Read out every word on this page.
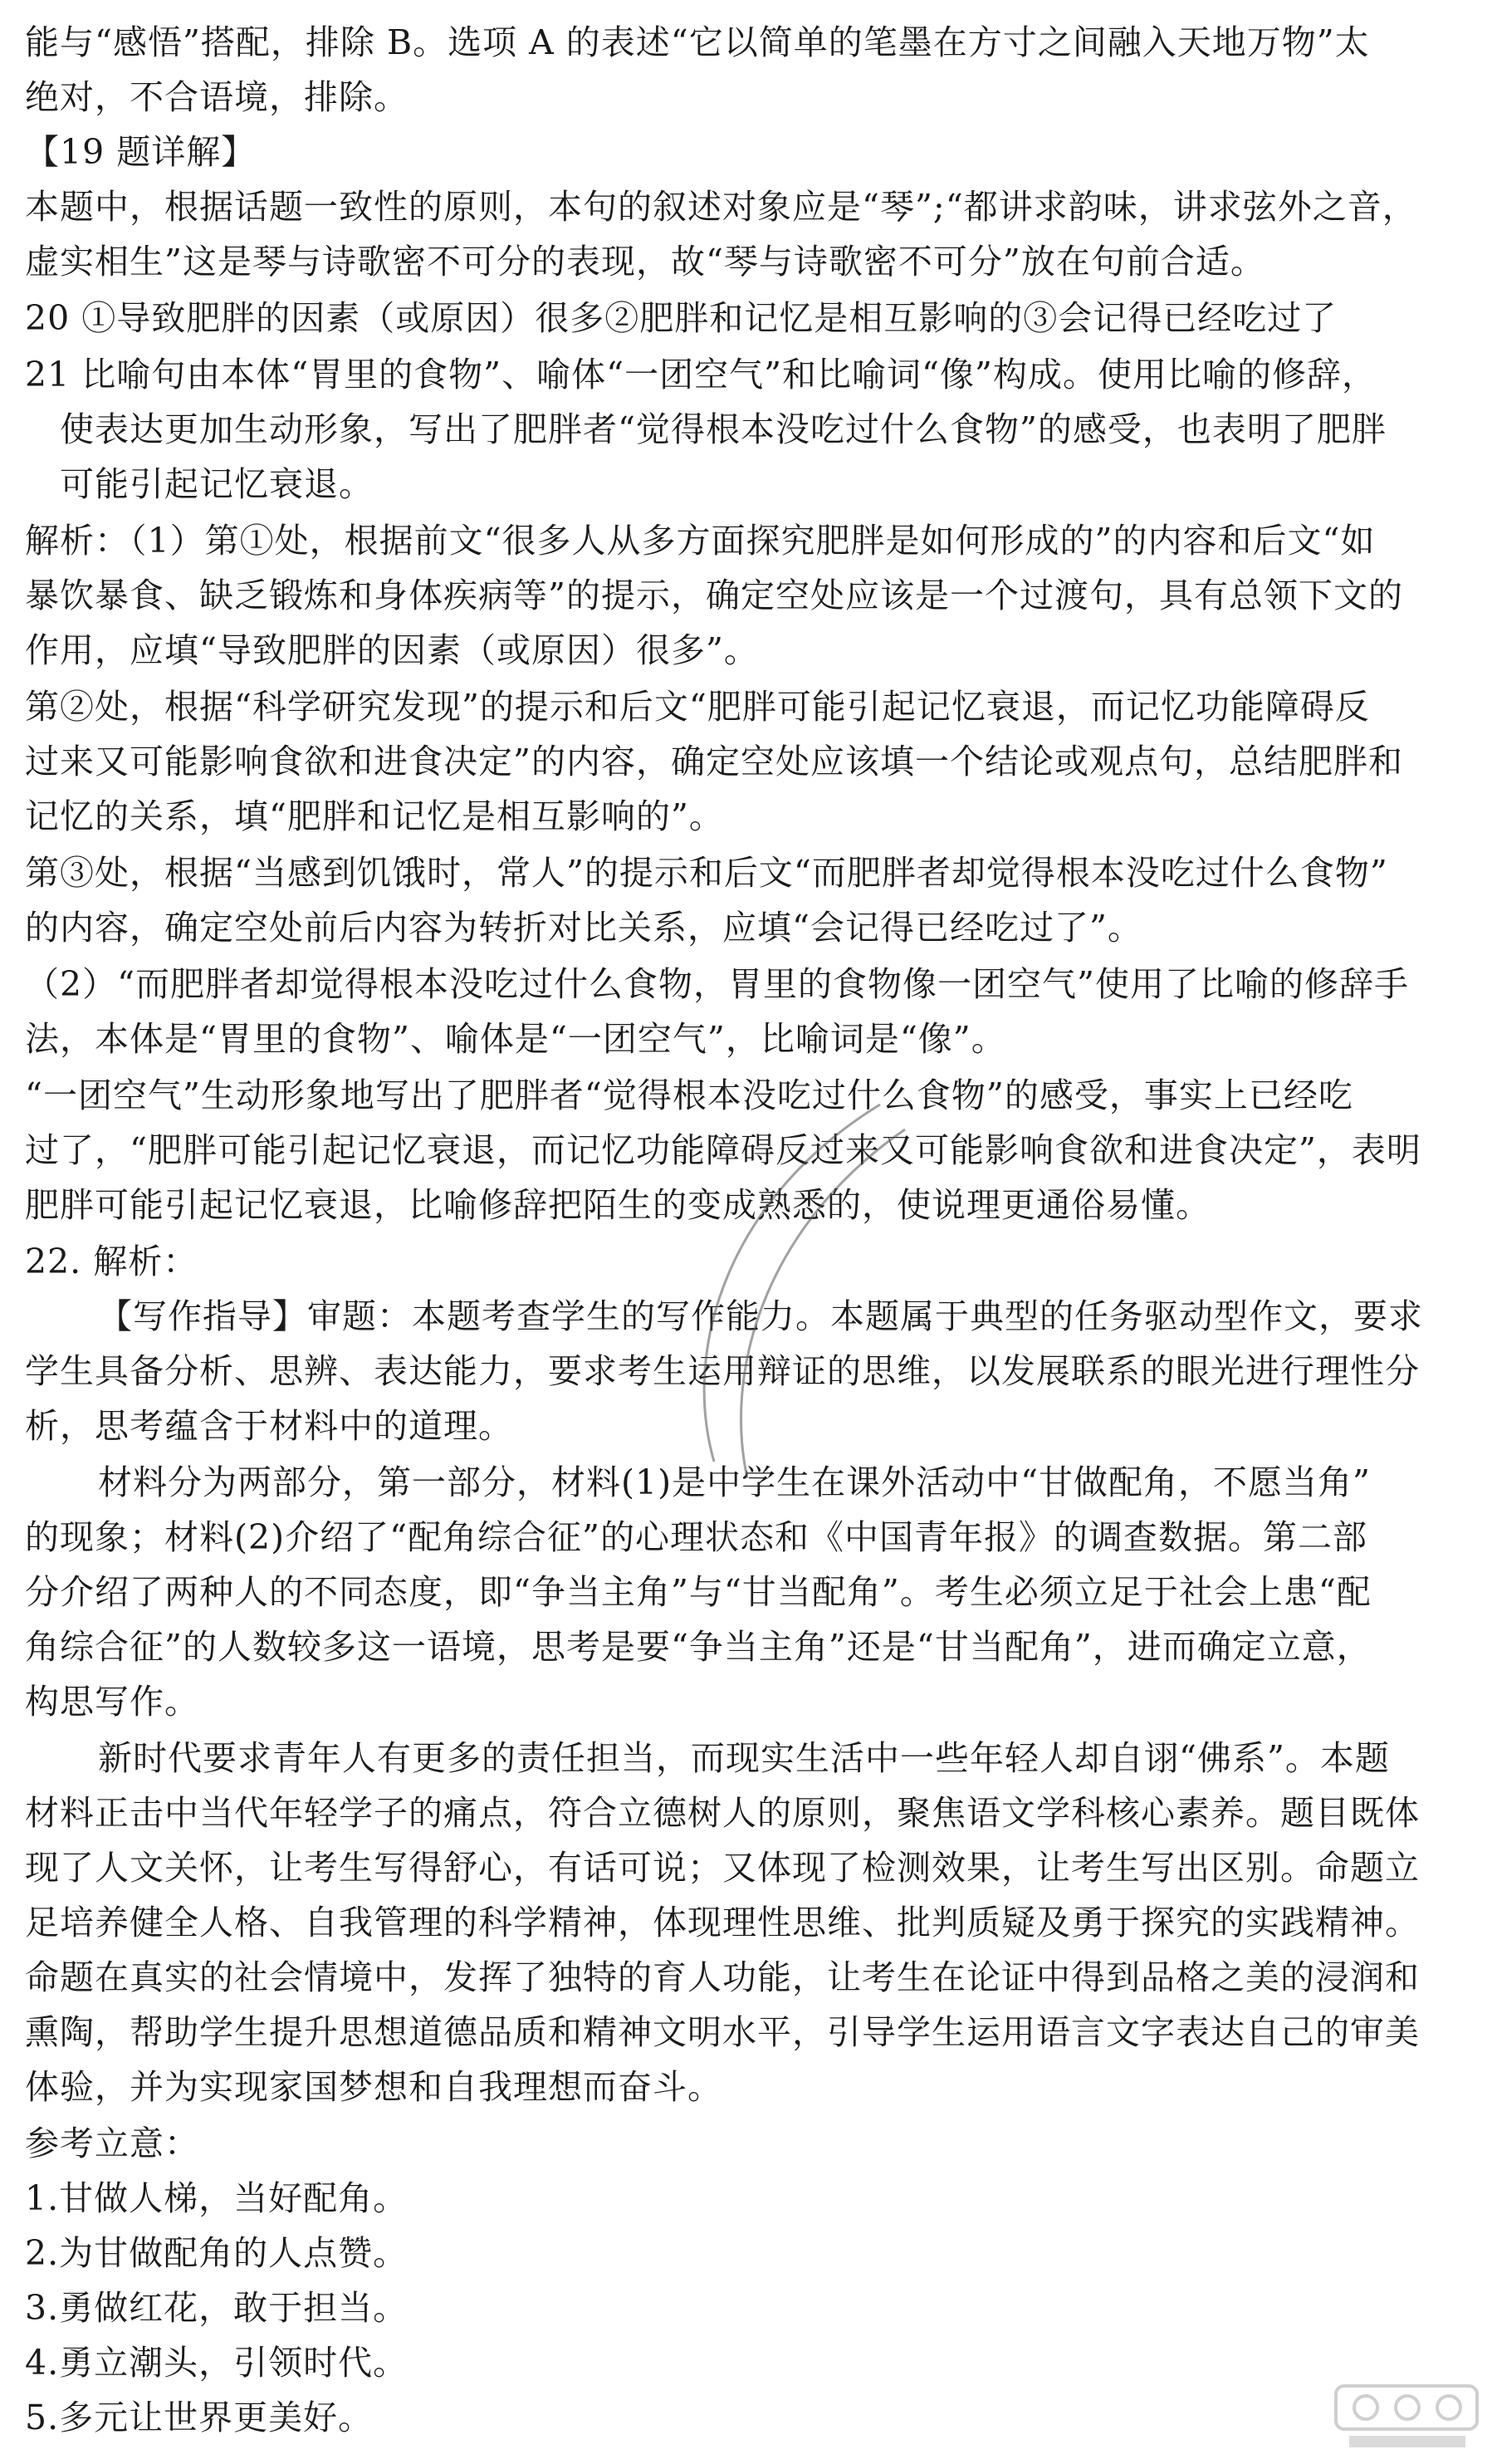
能与“感悟”搭配，排除 B。选项 A 的表述“它以简单的笔墨在方寸之间融入天地万物”太
绝对，不合语境，排除。
【19 题详解】
本题中，根据话题一致性的原则，本句的叙述对象应是“琴”;“都讲求韵味，讲求弦外之音，
虚实相生”这是琴与诗歌密不可分的表现，故“琴与诗歌密不可分”放在句前合适。
20 ①导致肥胖的因素（或原因）很多②肥胖和记忆是相互影响的③会记得已经吃过了
21 比喻句由本体“胃里的食物”、喻体“一团空气”和比喻词“像”构成。使用比喻的修辞，
使表达更加生动形象，写出了肥胖者“觉得根本没吃过什么食物”的感受，也表明了肥胖
可能引起记忆衰退。
解析：（1）第①处，根据前文“很多人从多方面探究肥胖是如何形成的”的内容和后文“如
暴饮暴食、缺乏锻炼和身体疾病等”的提示，确定空处应该是一个过渡句，具有总领下文的
作用，应填“导致肥胖的因素（或原因）很多”。
第②处，根据“科学研究发现”的提示和后文“肥胖可能引起记忆衰退，而记忆功能障碍反
过来又可能影响食欲和进食决定”的内容，确定空处应该填一个结论或观点句，总结肥胖和
记忆的关系，填“肥胖和记忆是相互影响的”。
第③处，根据“当感到饥饿时，常人”的提示和后文“而肥胖者却觉得根本没吃过什么食物”
的内容，确定空处前后内容为转折对比关系，应填“会记得已经吃过了”。
（2）“而肥胖者却觉得根本没吃过什么食物，胃里的食物像一团空气”使用了比喻的修辞手
法，本体是“胃里的食物”、喻体是“一团空气”，比喻词是“像”。
“一团空气”生动形象地写出了肥胖者“觉得根本没吃过什么食物”的感受，事实上已经吃
过了，“肥胖可能引起记忆衰退，而记忆功能障碍反过来又可能影响食欲和进食决定”，表明
肥胖可能引起记忆衰退，比喻修辞把陌生的变成熟悉的，使说理更通俗易懂。
22. 解析：
【写作指导】审题：本题考查学生的写作能力。本题属于典型的任务驱动型作文，要求
学生具备分析、思辨、表达能力，要求考生运用辩证的思维，以发展联系的眼光进行理性分
析，思考蕴含于材料中的道理。
材料分为两部分，第一部分，材料(1)是中学生在课外活动中“甘做配角，不愿当角”
的现象；材料(2)介绍了“配角综合征”的心理状态和《中国青年报》的调查数据。第二部
分介绍了两种人的不同态度，即“争当主角”与“甘当配角”。考生必须立足于社会上患“配
角综合征”的人数较多这一语境，思考是要“争当主角”还是“甘当配角”，进而确定立意，
构思写作。
新时代要求青年人有更多的责任担当，而现实生活中一些年轻人却自诩“佛系”。本题
材料正击中当代年轻学子的痛点，符合立德树人的原则，聚焦语文学科核心素养。题目既体
现了人文关怀，让考生写得舒心，有话可说；又体现了检测效果，让考生写出区别。命题立
足培养健全人格、自我管理的科学精神，体现理性思维、批判质疑及勇于探究的实践精神。
命题在真实的社会情境中，发挥了独特的育人功能，让考生在论证中得到品格之美的浸润和
熏陶，帮助学生提升思想道德品质和精神文明水平，引导学生运用语言文字表达自己的审美
体验，并为实现家国梦想和自我理想而奋斗。
参考立意：
1.甘做人梯，当好配角。
2.为甘做配角的人点赞。
3.勇做红花，敢于担当。
4.勇立潮头，引领时代。
5.多元让世界更美好。
